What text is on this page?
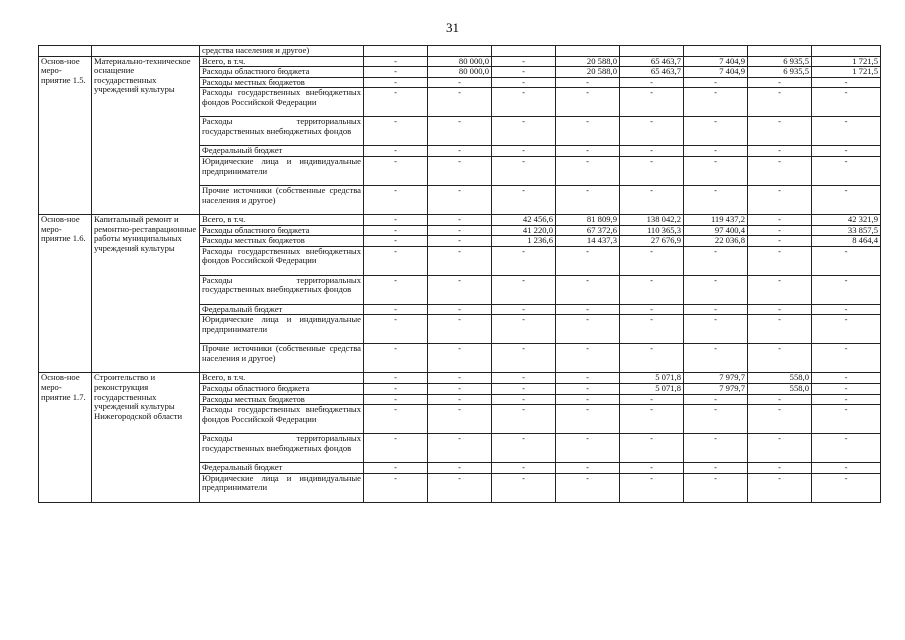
31
		средства населения и другое)								
Основ-ное меро-приятие 1.5.	Материально-техническое оснащение государственных учреждений культуры	Всего, в т.ч.	-	80 000,0	-	20 588,0	65 463,7	7 404,9	6 935,5	1 721,5
		Расходы областного бюджета	-	80 000,0	-	20 588,0	65 463,7	7 404,9	6 935,5	1 721,5
		Расходы местных бюджетов	-	-	-	-	-	-	-	-
		Расходы государственных внебюджетных фондов Российской Федерации	-	-	-	-	-	-	-	-
		Расходы территориальных государственных внебюджетных фондов	-	-	-	-	-	-	-	-
		Федеральный бюджет	-	-	-	-	-	-	-	-
		Юридические лица и индивидуальные предприниматели	-	-	-	-	-	-	-	-
		Прочие источники (собственные средства населения и другое)	-	-	-	-	-	-	-	-
Основ-ное меро-приятие 1.6.	Капитальный ремонт и ремонтно-реставрационные работы муниципальных учреждений культуры	Всего, в т.ч.	-	-	42 456,6	81 809,9	138 042,2	119 437,2	-	42 321,9
		Расходы областного бюджета	-	-	41 220,0	67 372,6	110 365,3	97 400,4	-	33 857,5
		Расходы местных бюджетов	-	-	1 236,6	14 437,3	27 676,9	22 036,8	-	8 464,4
		Расходы государственных внебюджетных фондов Российской Федерации	-	-	-	-	-	-	-	-
		Расходы территориальных государственных внебюджетных фондов	-	-	-	-	-	-	-	-
		Федеральный бюджет	-	-	-	-	-	-	-	-
		Юридические лица и индивидуальные предприниматели	-	-	-	-	-	-	-	-
		Прочие источники (собственные средства населения и другое)	-	-	-	-	-	-	-	-
Основ-ное меро-приятие 1.7.	Строительство и реконструкция государственных учреждений культуры Нижегородской области	Всего, в т.ч.	-	-	-	-	5 071,8	7 979,7	558,0	-
		Расходы областного бюджета	-	-	-	-	5 071,8	7 979,7	558,0	-
		Расходы местных бюджетов	-	-	-	-	-	-	-	-
		Расходы государственных внебюджетных фондов Российской Федерации	-	-	-	-	-	-	-	-
		Расходы территориальных государственных внебюджетных фондов	-	-	-	-	-	-	-	-
		Федеральный бюджет	-	-	-	-	-	-	-	-
		Юридические лица и индивидуальные предприниматели	-	-	-	-	-	-	-	-
